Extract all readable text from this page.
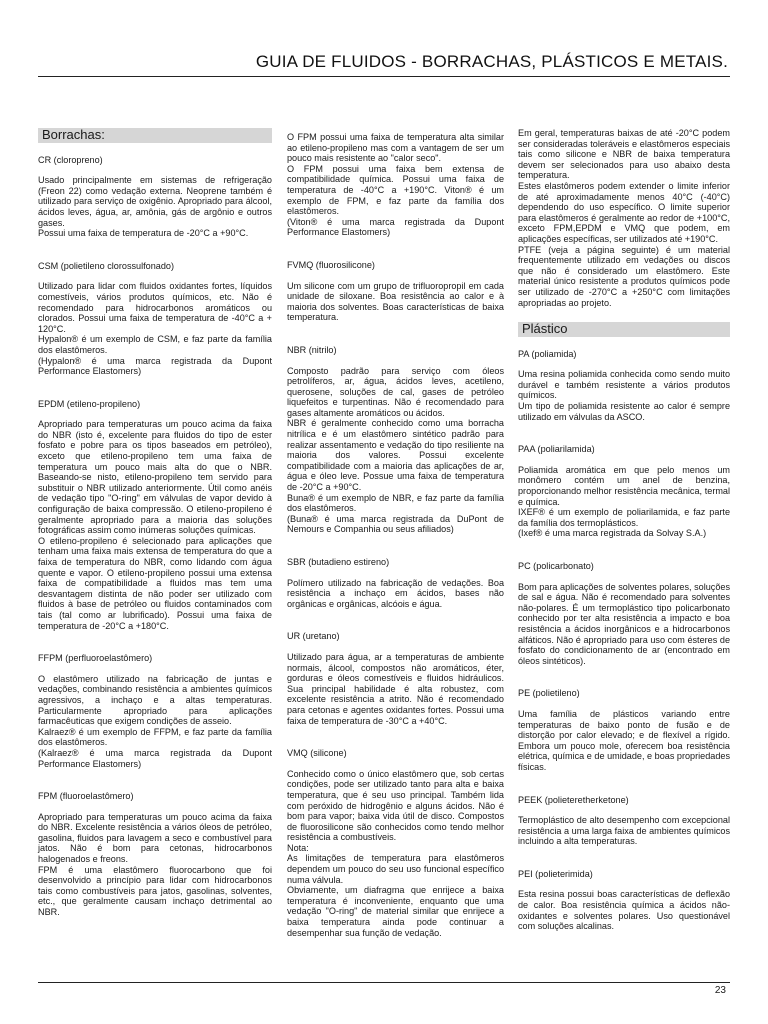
GUIA DE FLUIDOS - BORRACHAS, PLÁSTICOS E METAIS.
Borrachas:
CR (cloropreno)

Usado principalmente em sistemas de refrigeração (Freon 22) como vedação externa. Neoprene também é utilizado para serviço de oxigênio. Apropriado para álcool, ácidos leves, água, ar, amônia, gás de argônio e outros gases.

Possui uma faixa de temperatura de -20°C a +90°C.

CSM (polietileno clorossulfonado)

Utilizado para lidar com fluidos oxidantes fortes, líquidos comestíveis, vários produtos químicos, etc. Não é recomendado para hidrocarbonos aromáticos ou clorados. Possui uma faixa de temperatura de -40°C a + 120°C.

Hypalon® é um exemplo de CSM, e faz parte da família dos elastômeros.

(Hypalon® é uma marca registrada da Dupont Performance Elastomers)

EPDM (etileno-propileno)

Apropriado para temperaturas um pouco acima da faixa do NBR (isto é, excelente para fluidos do tipo de ester fosfato e pobre para os tipos baseados em petróleo), exceto que etileno-propileno tem uma faixa de temperatura um pouco mais alta do que o NBR. Baseando-se nisto, etileno-propileno tem servido para substituir o NBR utilizado anteriormente. Útil como anéis de vedação tipo "O-ring" em válvulas de vapor devido à configuração de baixa compressão. O etileno-propileno é geralmente apropriado para a maioria das soluções fotográficas assim como inúmeras soluções químicas.

O etileno-propileno é selecionado para aplicações que tenham uma faixa mais extensa de temperatura do que a faixa de temperatura do NBR, como lidando com água quente e vapor. O etileno-propileno possui uma extensa faixa de compatibilidade a fluidos mas tem uma desvantagem distinta de não poder ser utilizado com fluidos à base de petróleo ou fluidos contaminados com tais (tal como ar lubrificado). Possui uma faixa de temperatura de -20°C a +180°C.

FFPM (perfluoroelastômero)

O elastômero utilizado na fabricação de juntas e vedações, combinando resistência a ambientes químicos agressivos, a inchaço e a altas temperaturas. Particularmente apropriado para aplicações farmacêuticas que exigem condições de asseio.

Kalraez® é um exemplo de FFPM, e faz parte da família dos elastômeros.

(Kalraez® é uma marca registrada da Dupont Performance Elastomers)

FPM (fluoroelastômero)

Apropriado para temperaturas um pouco acima da faixa do NBR. Excelente resistência a vários óleos de petróleo, gasolina, fluidos para lavagem a seco e combustível para jatos. Não é bom para cetonas, hidrocarbonos halogenados e freons.

FPM é uma elastômero fluorocarbono que foi desenvolvido a princípio para lidar com hidrocarbonos tais como combustíveis para jatos, gasolinas, solventes, etc., que geralmente causam inchaço detrimental ao NBR.

O FPM possui uma faixa de temperatura alta similar ao etileno-propileno mas com a vantagem de ser um pouco mais resistente ao "calor seco".

O FPM possui uma faixa bem extensa de compatibilidade química. Possui uma faixa de temperatura de -40°C a +190°C. Viton® é um exemplo de FPM, e faz parte da família dos elastômeros.

(Viton® é uma marca registrada da Dupont Performance Elastomers)

FVMQ (fluorosilicone)

Um silicone com um grupo de trifluoropropil em cada unidade de siloxane. Boa resistência ao calor e à maioria dos solventes. Boas características de baixa temperatura.

NBR (nitrilo)

Composto padrão para serviço com óleos petrolíferos, ar, água, ácidos leves, acetileno, querosene, soluções de cal, gases de petróleo liquefeitos e turpentinas. Não é recomendado para gases altamente aromáticos ou ácidos.

NBR é geralmente conhecido como uma borracha nitrílica e é um elastômero sintético padrão para realizar assentamento e vedação do tipo resiliente na maioria dos valores. Possui excelente compatibilidade com a maioria das aplicações de ar, água e óleo leve. Possue uma faixa de temperatura de -20°C a +90°C.

Buna® é um exemplo de NBR, e faz parte da família dos elastômeros.

(Buna® é uma marca registrada da DuPont de Nemours e Companhia ou seus afiliados)

SBR (butadieno estireno)

Polímero utilizado na fabricação de vedações. Boa resistência a inchaço em ácidos, bases não orgânicas e orgânicas, alcóois e água.

UR (uretano)

Utilizado para água, ar a temperaturas de ambiente normais, álcool, compostos não aromáticos, éter, gorduras e óleos comestíveis e fluidos hidráulicos. Sua principal habilidade é alta robustez, com excelente resistência a atrito. Não é recomendado para cetonas e agentes oxidantes fortes. Possui uma faixa de temperatura de -30°C a +40°C.

VMQ (silicone)

Conhecido como o único elastômero que, sob certas condições, pode ser utilizado tanto para alta e baixa temperatura, que é seu uso principal. Também lida com peróxido de hidrogênio e alguns ácidos. Não é bom para vapor; baixa vida útil de disco. Compostos de fluorosilicone são conhecidos como tendo melhor resistência a combustíveis.

Nota:

As limitações de temperatura para elastômeros dependem um pouco do seu uso funcional específico numa válvula.

Obviamente, um diafragma que enrijece a baixa temperatura é inconveniente, enquanto que uma vedação "O-ring" de material similar que enrijece a baixa temperatura ainda pode continuar a desempenhar sua função de vedação.

Em geral, temperaturas baixas de até -20°C podem ser consideradas toleráveis e elastômeros especiais tais como silicone e NBR de baixa temperatura devem ser selecionados para uso abaixo desta temperatura.

Estes elastômeros podem extender o limite inferior de até aproximadamente menos 40°C (-40°C) dependendo do uso específico. O limite superior para elastômeros é geralmente ao redor de +100°C, exceto FPM,EPDM e VMQ que podem, em aplicações específicas, ser utilizados até +190°C.

PTFE (veja a página seguinte) é um material frequentemente utilizado em vedações ou discos que não é considerado um elastômero. Este material único resistente a produtos químicos pode ser utilizado de -270°C a +250°C com limitações apropriadas ao projeto.

Plástico
PA (poliamida)

Uma resina poliamida conhecida como sendo muito durável e também resistente a vários produtos químicos.

Um tipo de poliamida resistente ao calor é sempre utilizado em válvulas da ASCO.

PAA (poliarilamida)

Poliamida aromática em que pelo menos um monômero contém um anel de benzina, proporcionando melhor resistência mecânica, termal e química.

IXEF® é um exemplo de poliarilamida, e faz parte da família dos termoplásticos.

(Ixef® é uma marca registrada da Solvay S.A.)

PC (policarbonato)

Bom para aplicações de solventes polares, soluções de sal e água. Não é recomendado para solventes não-polares. É um termoplástico tipo policarbonato conhecido por ter alta resistência a impacto e boa resistência a ácidos inorgânicos e a hidrocarbonos alfáticos. Não é apropriado para uso com ésteres de fosfato do condicionamento de ar (encontrado em óleos sintéticos).

PE (polietileno)

Uma família de plásticos variando entre temperaturas de baixo ponto de fusão e de distorção por calor elevado; e de flexível a rígido. Embora um pouco mole, oferecem boa resistência elétrica, química e de umidade, e boas propriedades físicas.

PEEK (polieteretherketone)

Termoplástico de alto desempenho com excepcional resistência a uma larga faixa de ambientes químicos incluindo a alta temperaturas.

PEI (polieterimida)

Esta resina possui boas características de deflexão de calor. Boa resistência química a ácidos não-oxidantes e solventes polares. Uso questionável com soluções alcalinas.

23
